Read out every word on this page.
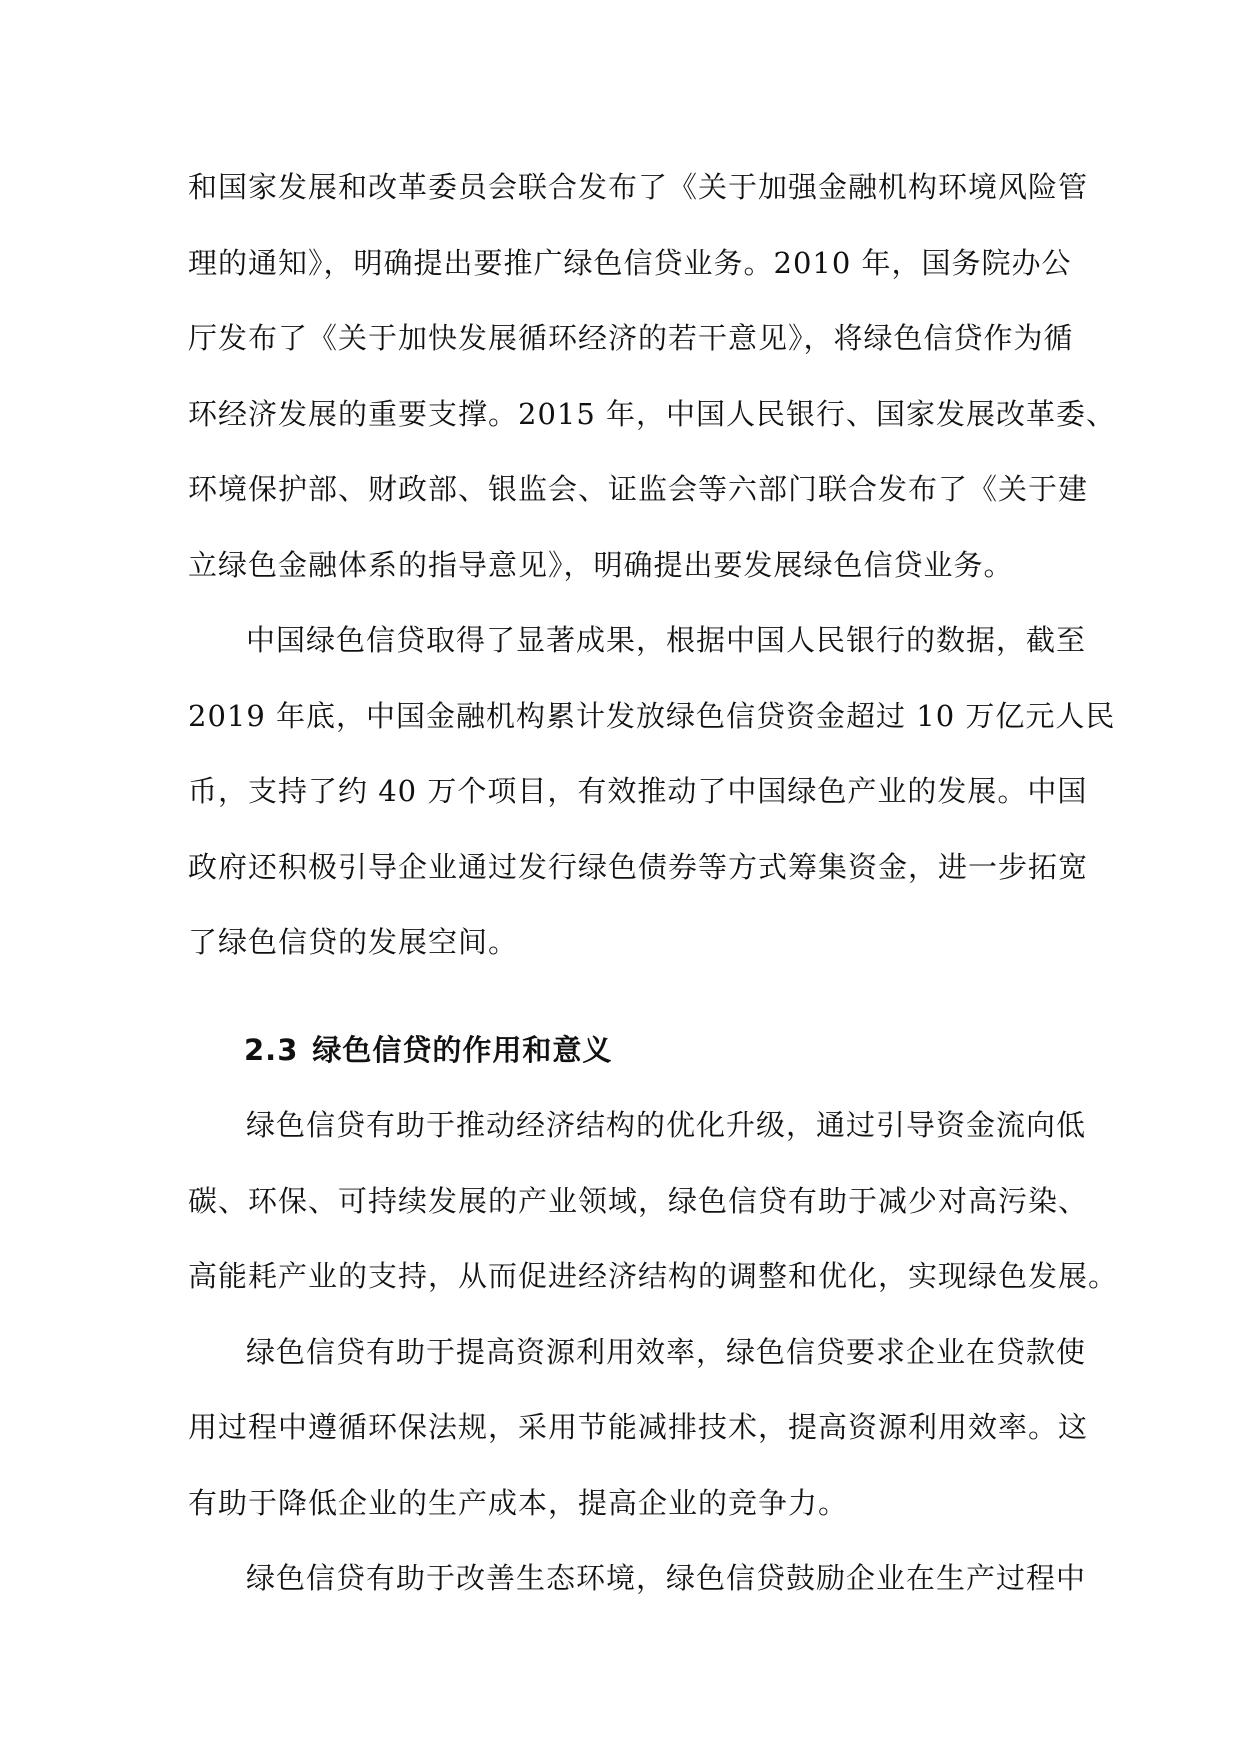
和国家发展和改革委员会联合发布了《关于加强金融机构环境风险管
理的通知》，明确提出要推广绿色信贷业务。2010 年，国务院办公
厅发布了《关于加快发展循环经济的若干意见》，将绿色信贷作为循
环经济发展的重要支撑。2015 年，中国人民银行、国家发展改革委、
环境保护部、财政部、银监会、证监会等六部门联合发布了《关于建
立绿色金融体系的指导意见》，明确提出要发展绿色信贷业务。
中国绿色信贷取得了显著成果，根据中国人民银行的数据，截至
2019 年底，中国金融机构累计发放绿色信贷资金超过 10 万亿元人民
币，支持了约 40 万个项目，有效推动了中国绿色产业的发展。中国
政府还积极引导企业通过发行绿色债券等方式筹集资金，进一步拓宽
了绿色信贷的发展空间。
2.3 绿色信贷的作用和意义
绿色信贷有助于推动经济结构的优化升级，通过引导资金流向低
碳、环保、可持续发展的产业领域，绿色信贷有助于减少对高污染、
高能耗产业的支持，从而促进经济结构的调整和优化，实现绿色发展。
绿色信贷有助于提高资源利用效率，绿色信贷要求企业在贷款使
用过程中遵循环保法规，采用节能减排技术，提高资源利用效率。这
有助于降低企业的生产成本，提高企业的竞争力。
绿色信贷有助于改善生态环境，绿色信贷鼓励企业在生产过程中
